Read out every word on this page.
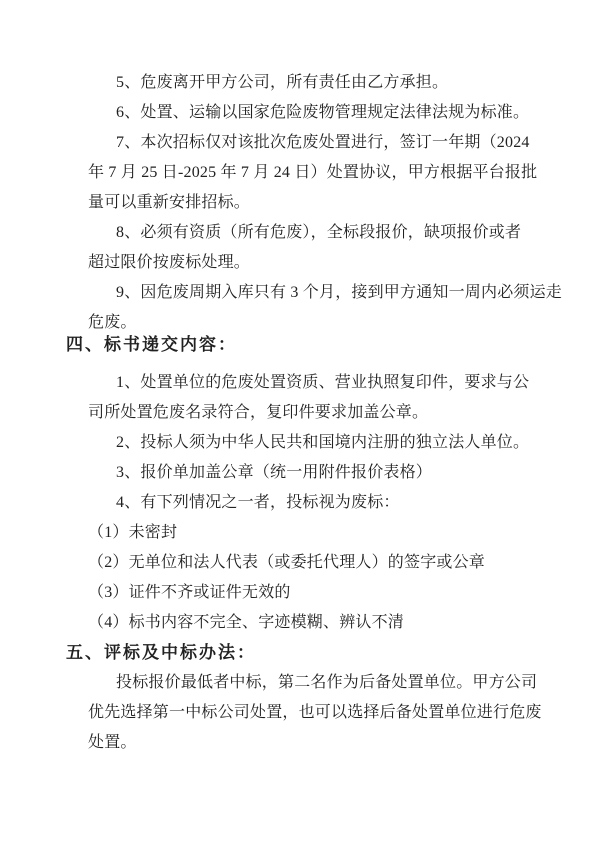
5、危废离开甲方公司，所有责任由乙方承担。

6、处置、运输以国家危险废物管理规定法律法规为标准。

7、本次招标仅对该批次危废处置进行，签订一年期（2024

年 7 月 25 日-2025 年 7 月 24 日）处置协议，甲方根据平台报批

量可以重新安排招标。

8、必须有资质（所有危废），全标段报价，缺项报价或者

超过限价按废标处理。

9、因危废周期入库只有 3 个月，接到甲方通知一周内必须运走

危废。

四、标书递交内容：

1、处置单位的危废处置资质、营业执照复印件，要求与公

司所处置危废名录符合，复印件要求加盖公章。

2、投标人须为中华人民共和国境内注册的独立法人单位。

3、报价单加盖公章（统一用附件报价表格）

4、有下列情况之一者，投标视为废标：

（1）未密封

（2）无单位和法人代表（或委托代理人）的签字或公章

（3）证件不齐或证件无效的

（4）标书内容不完全、字迹模糊、辨认不清

五、评标及中标办法：

投标报价最低者中标，第二名作为后备处置单位。甲方公司

优先选择第一中标公司处置，也可以选择后备处置单位进行危废

处置。
